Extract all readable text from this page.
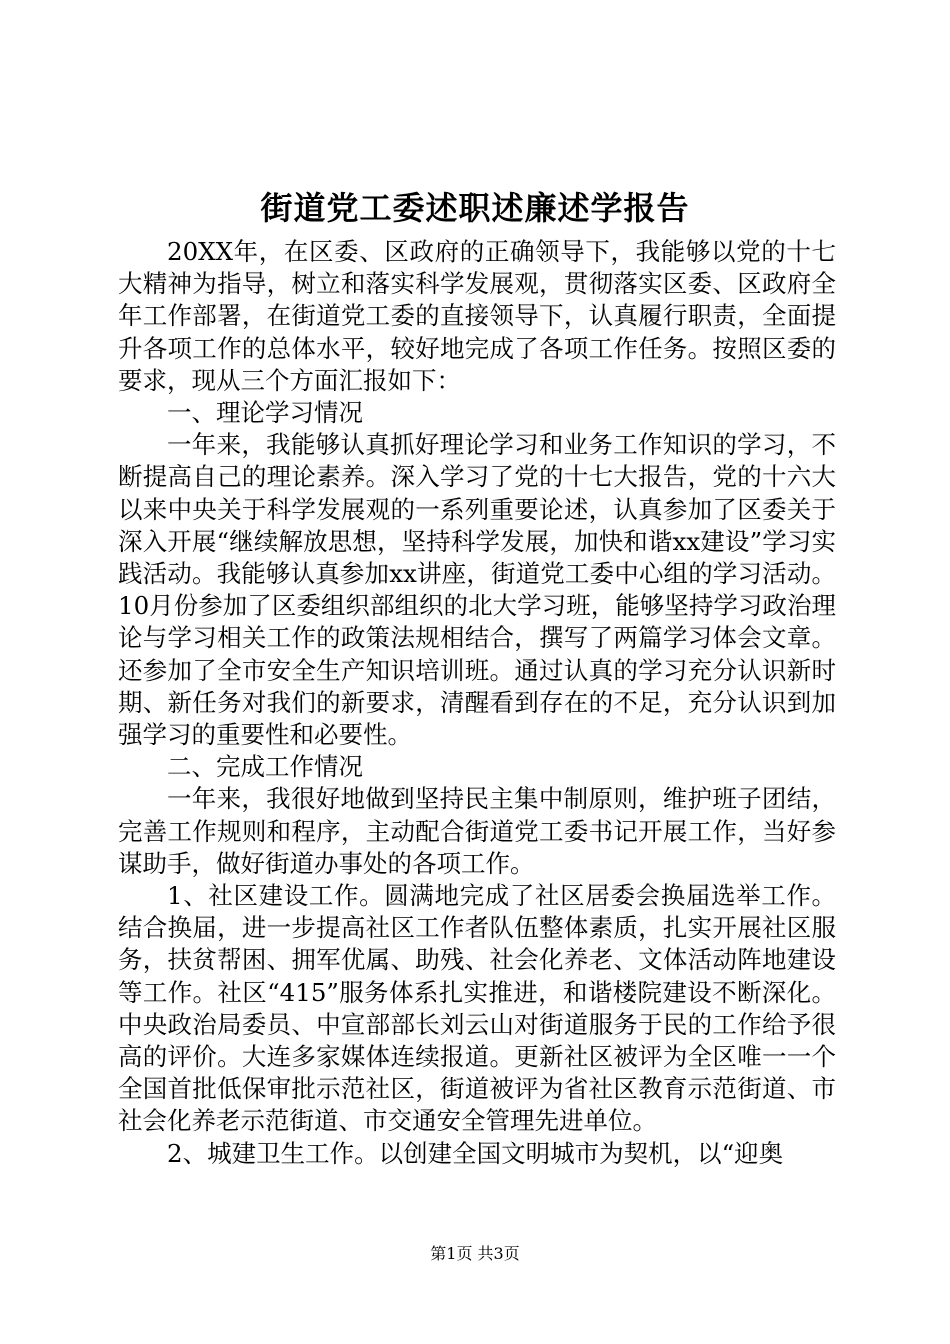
街道党工委述职述廉述学报告

20XX年，在区委、区政府的正确领导下，我能够以党的十七大精神为指导，树立和落实科学发展观，贯彻落实区委、区政府全年工作部署，在街道党工委的直接领导下，认真履行职责，全面提升各项工作的总体水平，较好地完成了各项工作任务。按照区委的要求，现从三个方面汇报如下：

一、理论学习情况

一年来，我能够认真抓好理论学习和业务工作知识的学习，不断提高自己的理论素养。深入学习了党的十七大报告，党的十六大以来中央关于科学发展观的一系列重要论述，认真参加了区委关于深入开展“继续解放思想，坚持科学发展，加快和谐xx建设”学习实践活动。我能够认真参加xx讲座，街道党工委中心组的学习活动。10月份参加了区委组织部组织的北大学习班，能够坚持学习政治理论与学习相关工作的政策法规相结合，撰写了两篇学习体会文章。还参加了全市安全生产知识培训班。通过认真的学习充分认识新时期、新任务对我们的新要求，清醒看到存在的不足，充分认识到加强学习的重要性和必要性。

二、完成工作情况

一年来，我很好地做到坚持民主集中制原则，维护班子团结，完善工作规则和程序，主动配合街道党工委书记开展工作，当好参谋助手，做好街道办事处的各项工作。

1、社区建设工作。圆满地完成了社区居委会换届选举工作。结合换届，进一步提高社区工作者队伍整体素质，扎实开展社区服务，扶贫帮困、拥军优属、助残、社会化养老、文体活动阵地建设等工作。社区“415”服务体系扎实推进，和谐楼院建设不断深化。中央政治局委员、中宣部部长刘云山对街道服务于民的工作给予很高的评价。大连多家媒体连续报道。更新社区被评为全区唯一一个全国首批低保审批示范社区，街道被评为省社区教育示范街道、市社会化养老示范街道、市交通安全管理先进单位。

2、城建卫生工作。以创建全国文明城市为契机，以“迎奥

第1页 共3页
